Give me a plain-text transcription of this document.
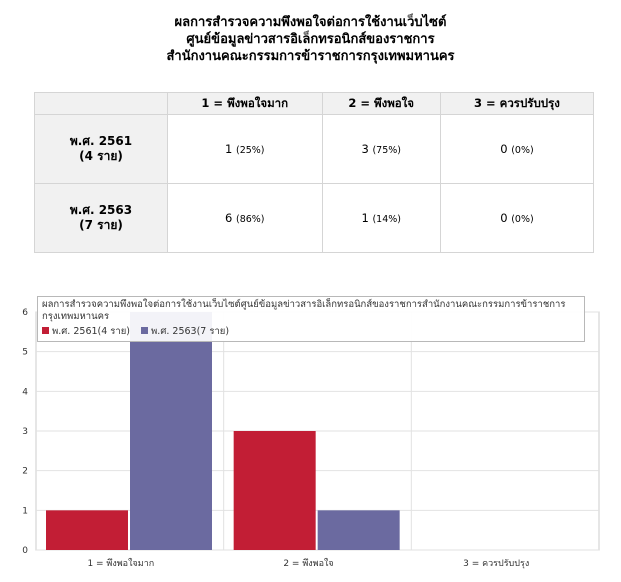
ผลการสำรวจความพึงพอใจต่อการใช้งานเว็บไซต์
ศูนย์ข้อมูลข่าวสารอิเล็กทรอนิกส์ของราชการ
สำนักงานคณะกรรมการข้าราชการกรุงเทพมหานคร
	1 = พึงพอใจมาก	2 = พึงพอใจ	3 = ควรปรับปรุง

พ.ศ. 2561
(4 ราย)	1 (25%)	3 (75%)	0 (0%)

พ.ศ. 2563
(7 ราย)	6 (86%)	1 (14%)	0 (0%)
0
1
2
3
4
5
6
1 = พึงพอใจมาก	2 = พึงพอใจ	3 = ควรปรับปรุง
ผลการสำรวจความพึงพอใจต่อการใช้งานเว็บไซต์ศูนย์ข้อมูลข่าวสารอิเล็กทรอนิกส์ของราชการสำนักงานคณะกรรมการข้าราชการกรุงเทพมหานคร
พ.ศ. 2561(4 ราย) พ.ศ. 2563(7 ราย)
